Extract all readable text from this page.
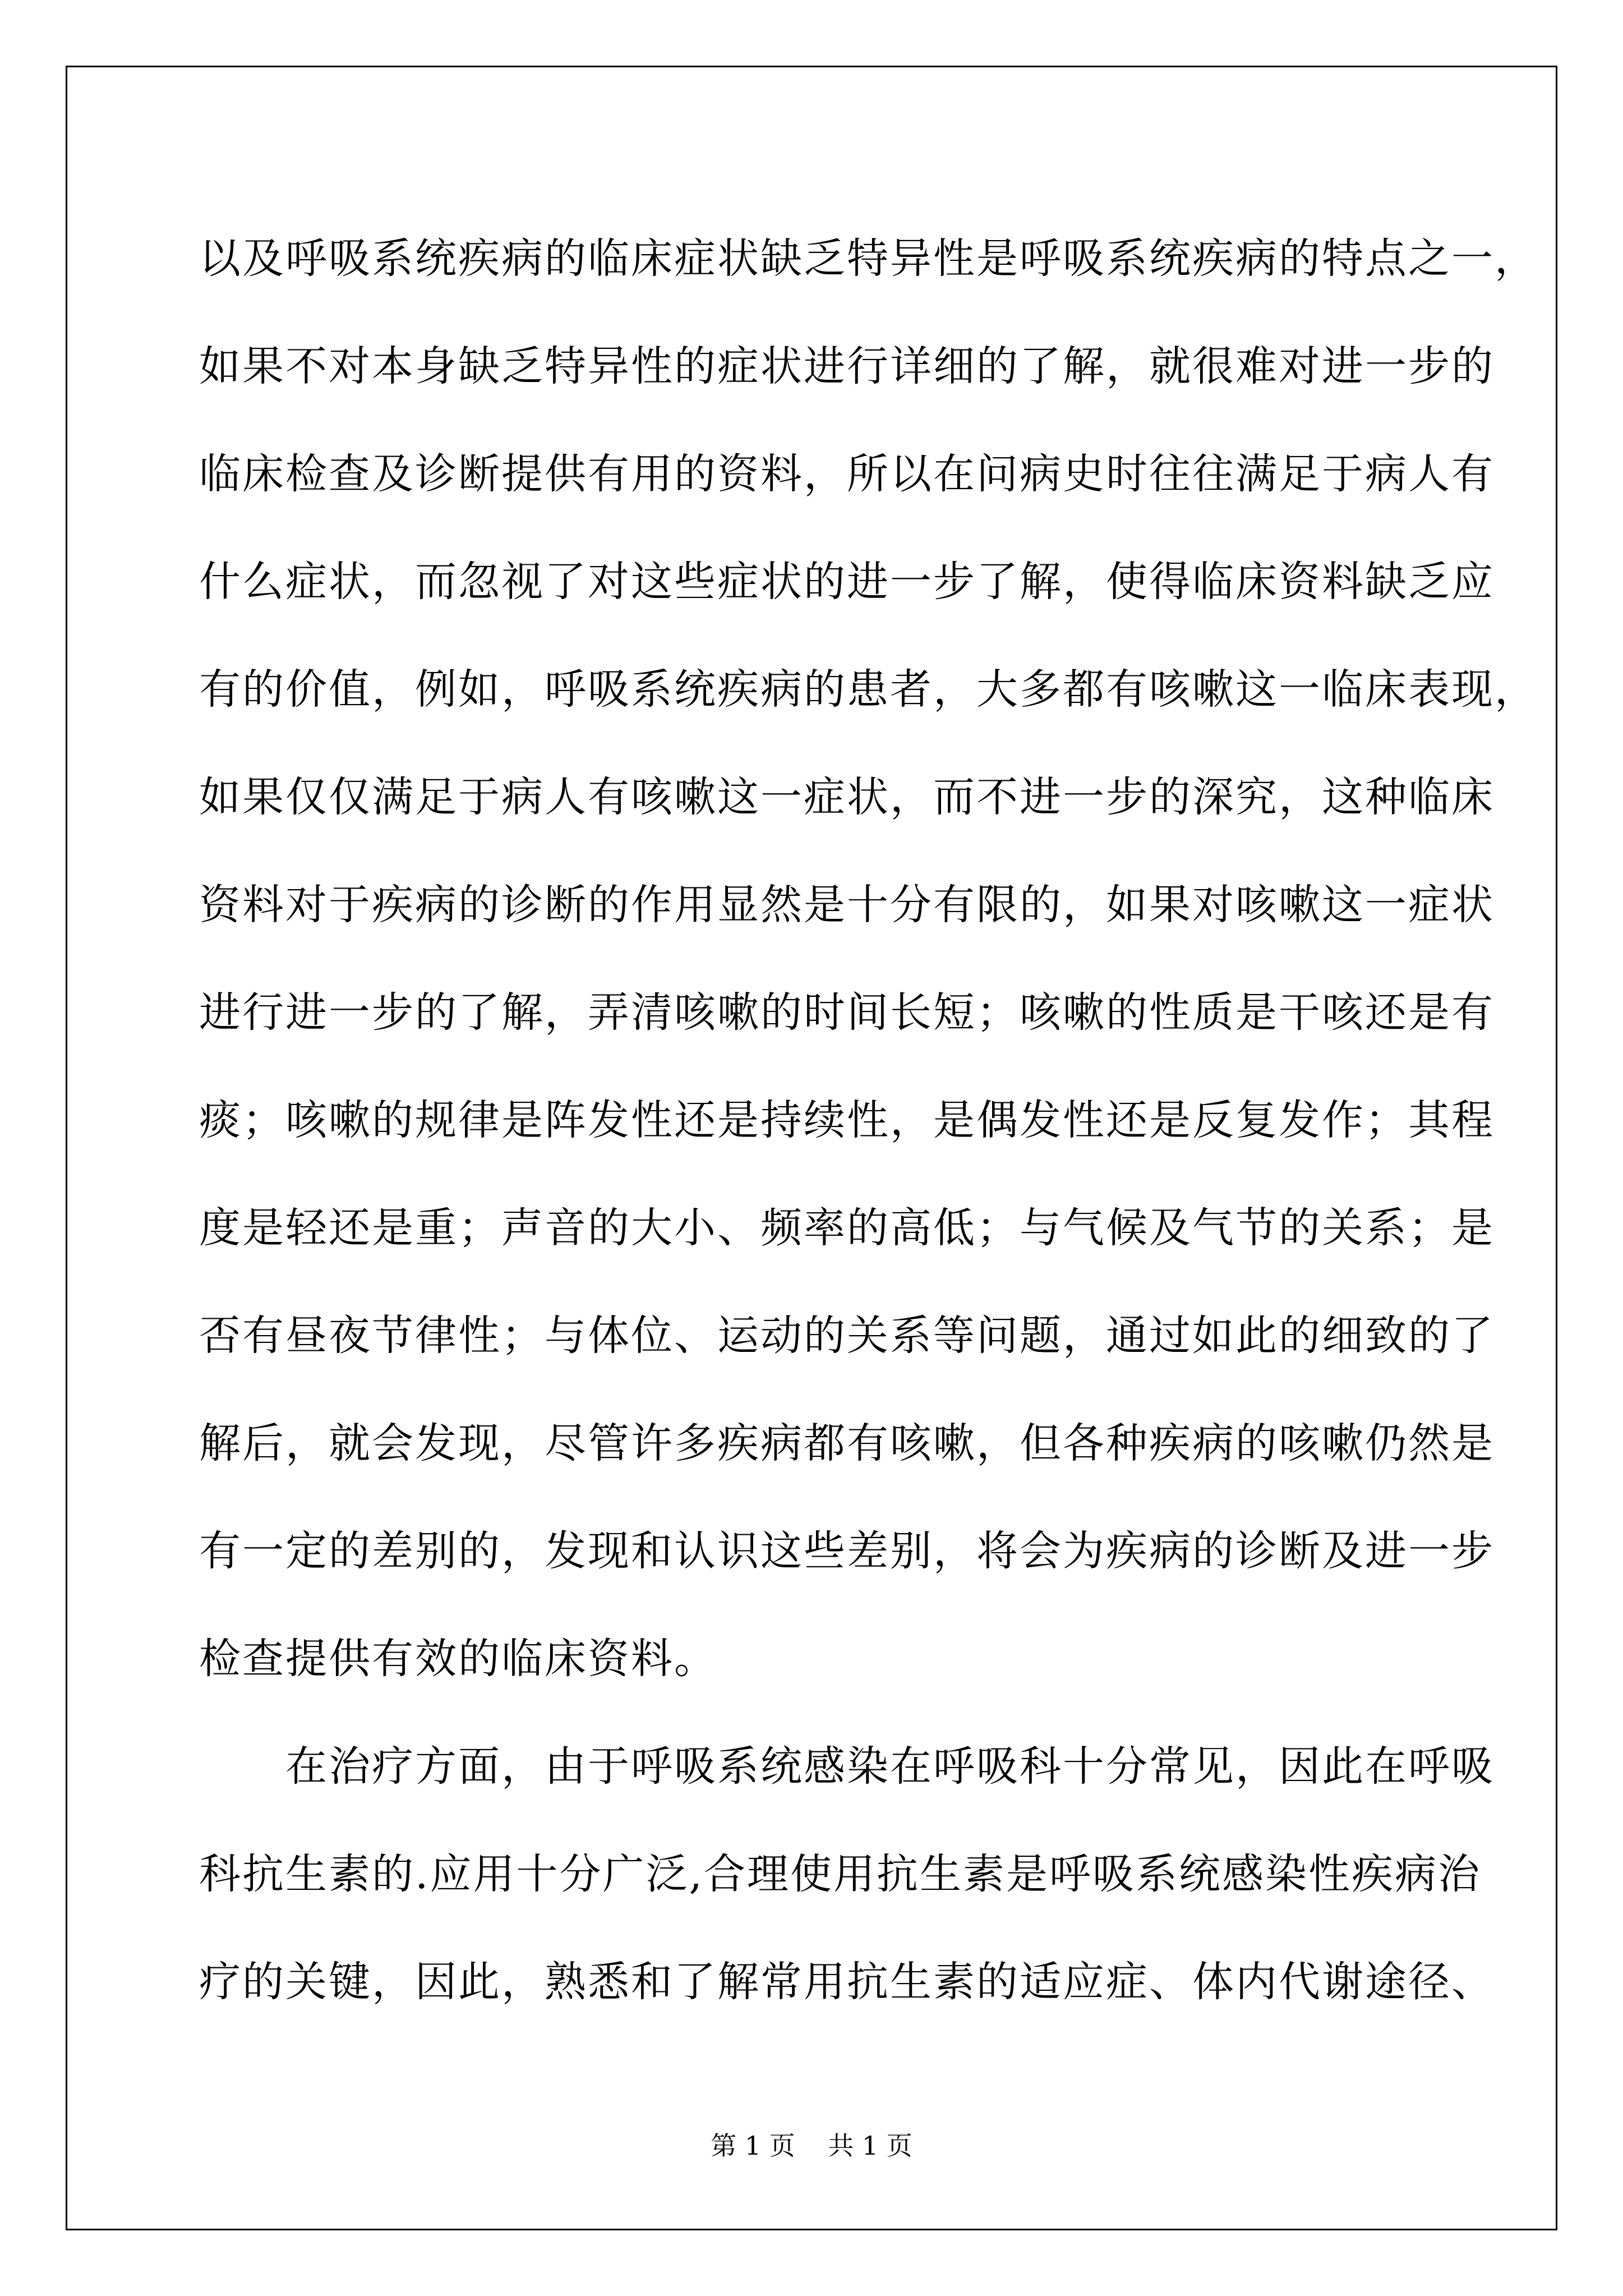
以及呼吸系统疾病的临床症状缺乏特异性是呼吸系统疾病的特点之一，
如果不对本身缺乏特异性的症状进行详细的了解，就很难对进一步的
临床检查及诊断提供有用的资料，所以在问病史时往往满足于病人有
什么症状，而忽视了对这些症状的进一步了解，使得临床资料缺乏应
有的价值，例如，呼吸系统疾病的患者，大多都有咳嗽这一临床表现，
如果仅仅满足于病人有咳嗽这一症状，而不进一步的深究，这种临床
资料对于疾病的诊断的作用显然是十分有限的，如果对咳嗽这一症状
进行进一步的了解，弄清咳嗽的时间长短；咳嗽的性质是干咳还是有
痰；咳嗽的规律是阵发性还是持续性，是偶发性还是反复发作；其程
度是轻还是重；声音的大小、频率的高低；与气候及气节的关系；是
否有昼夜节律性；与体位、运动的关系等问题，通过如此的细致的了
解后，就会发现，尽管许多疾病都有咳嗽，但各种疾病的咳嗽仍然是
有一定的差别的，发现和认识这些差别，将会为疾病的诊断及进一步
检查提供有效的临床资料。
　　在治疗方面，由于呼吸系统感染在呼吸科十分常见，因此在呼吸
科抗生素的.应用十分广泛,合理使用抗生素是呼吸系统感染性疾病治
疗的关键，因此，熟悉和了解常用抗生素的适应症、体内代谢途径、
第 1 页    共 1 页
